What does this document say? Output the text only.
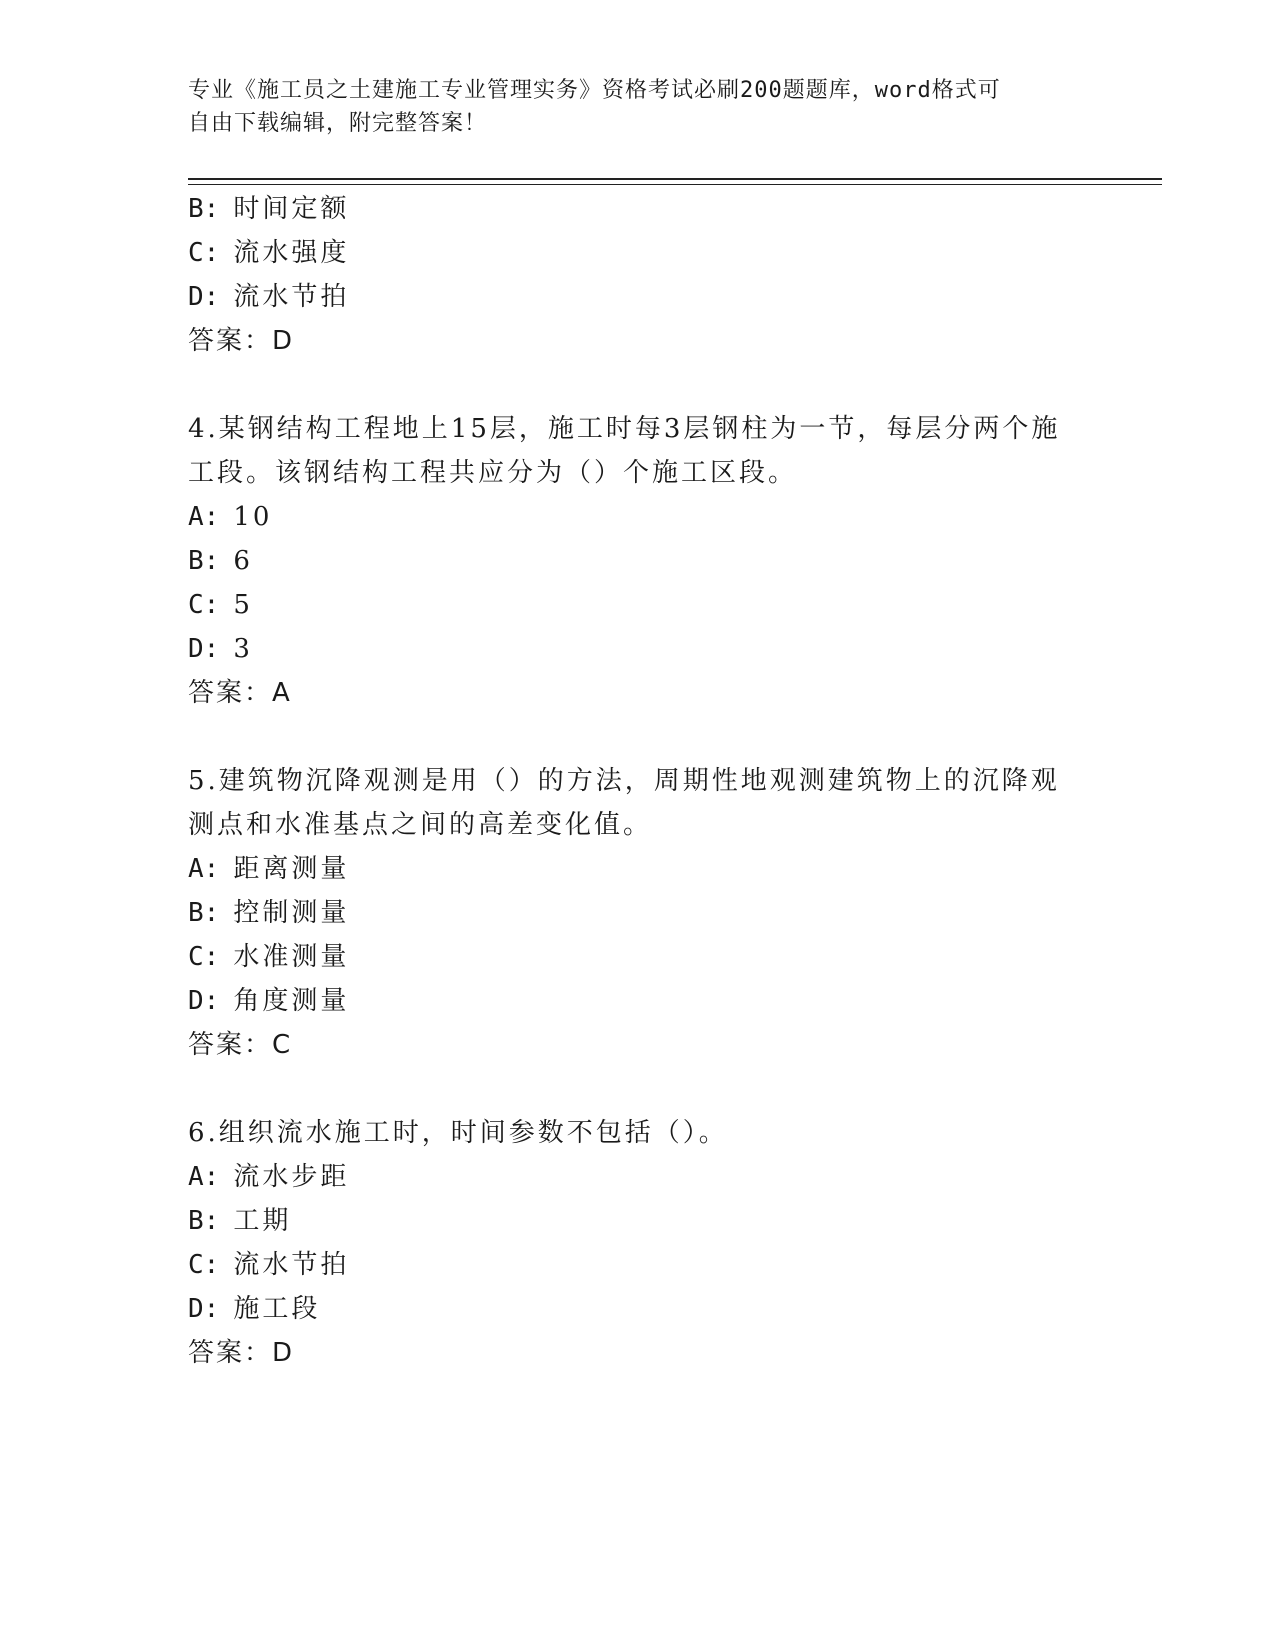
专业《施工员之土建施工专业管理实务》资格考试必刷200题题库，word格式可
自由下载编辑，附完整答案！
B: 时间定额
C: 流水强度
D: 流水节拍
答案：D
4.某钢结构工程地上15层，施工时每3层钢柱为一节，每层分两个施
工段。该钢结构工程共应分为（）个施工区段。
A: 10
B: 6
C: 5
D: 3
答案：A
5.建筑物沉降观测是用（）的方法，周期性地观测建筑物上的沉降观
测点和水准基点之间的高差变化值。
A: 距离测量
B: 控制测量
C: 水准测量
D: 角度测量
答案：C
6.组织流水施工时，时间参数不包括（）。
A: 流水步距
B: 工期
C: 流水节拍
D: 施工段
答案：D
